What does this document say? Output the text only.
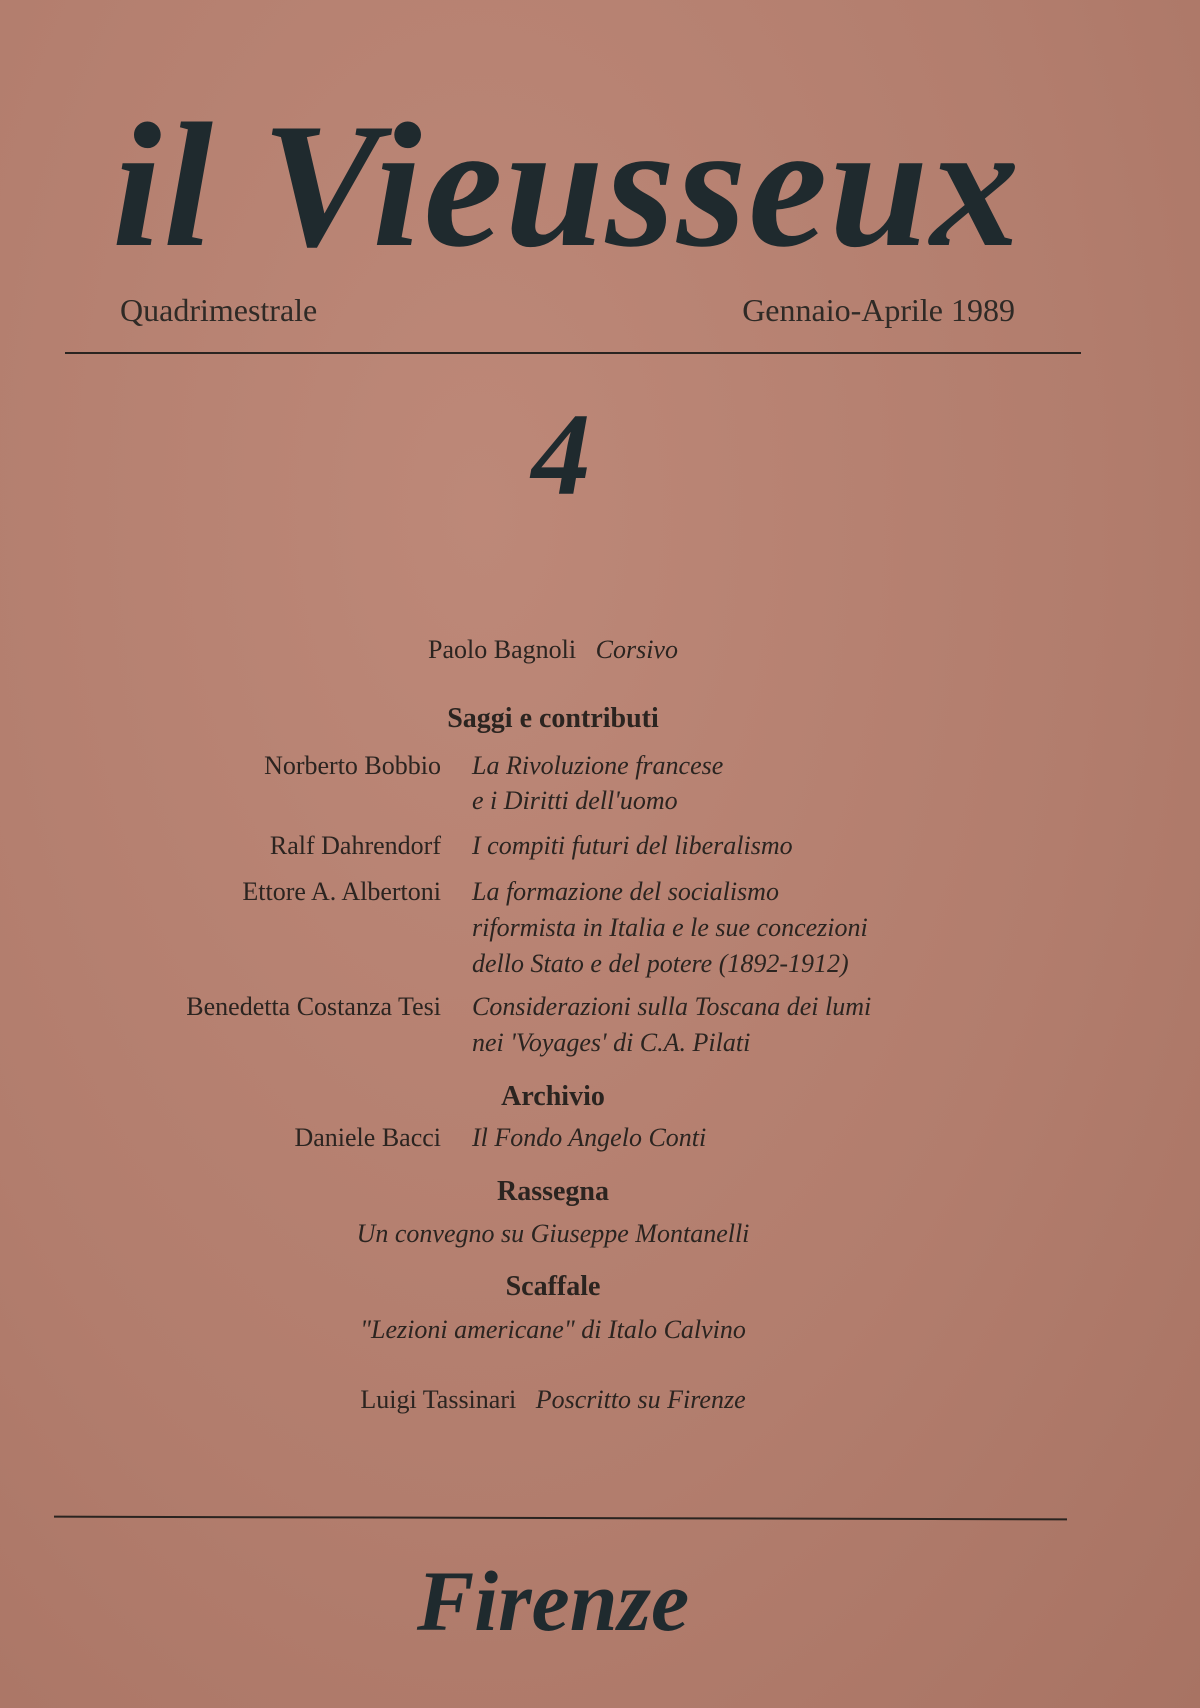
il Vieusseux
Quadrimestrale	Gennaio-Aprile 1989
4
Paolo Bagnoli Corsivo
Saggi e contributi
Norberto Bobbio La Rivoluzione francese
e i Diritti dell'uomo
Ralf Dahrendorf I compiti futuri del liberalismo
Ettore A. Albertoni La formazione del socialismo
riformista in Italia e le sue concezioni
dello Stato e del potere (1892-1912)
Benedetta Costanza Tesi Considerazioni sulla Toscana dei lumi
nei 'Voyages' di C.A. Pilati
Archivio
Daniele Bacci Il Fondo Angelo Conti
Rassegna
Un convegno su Giuseppe Montanelli
Scaffale
"Lezioni americane" di Italo Calvino
Luigi Tassinari Poscritto su Firenze
Firenze
